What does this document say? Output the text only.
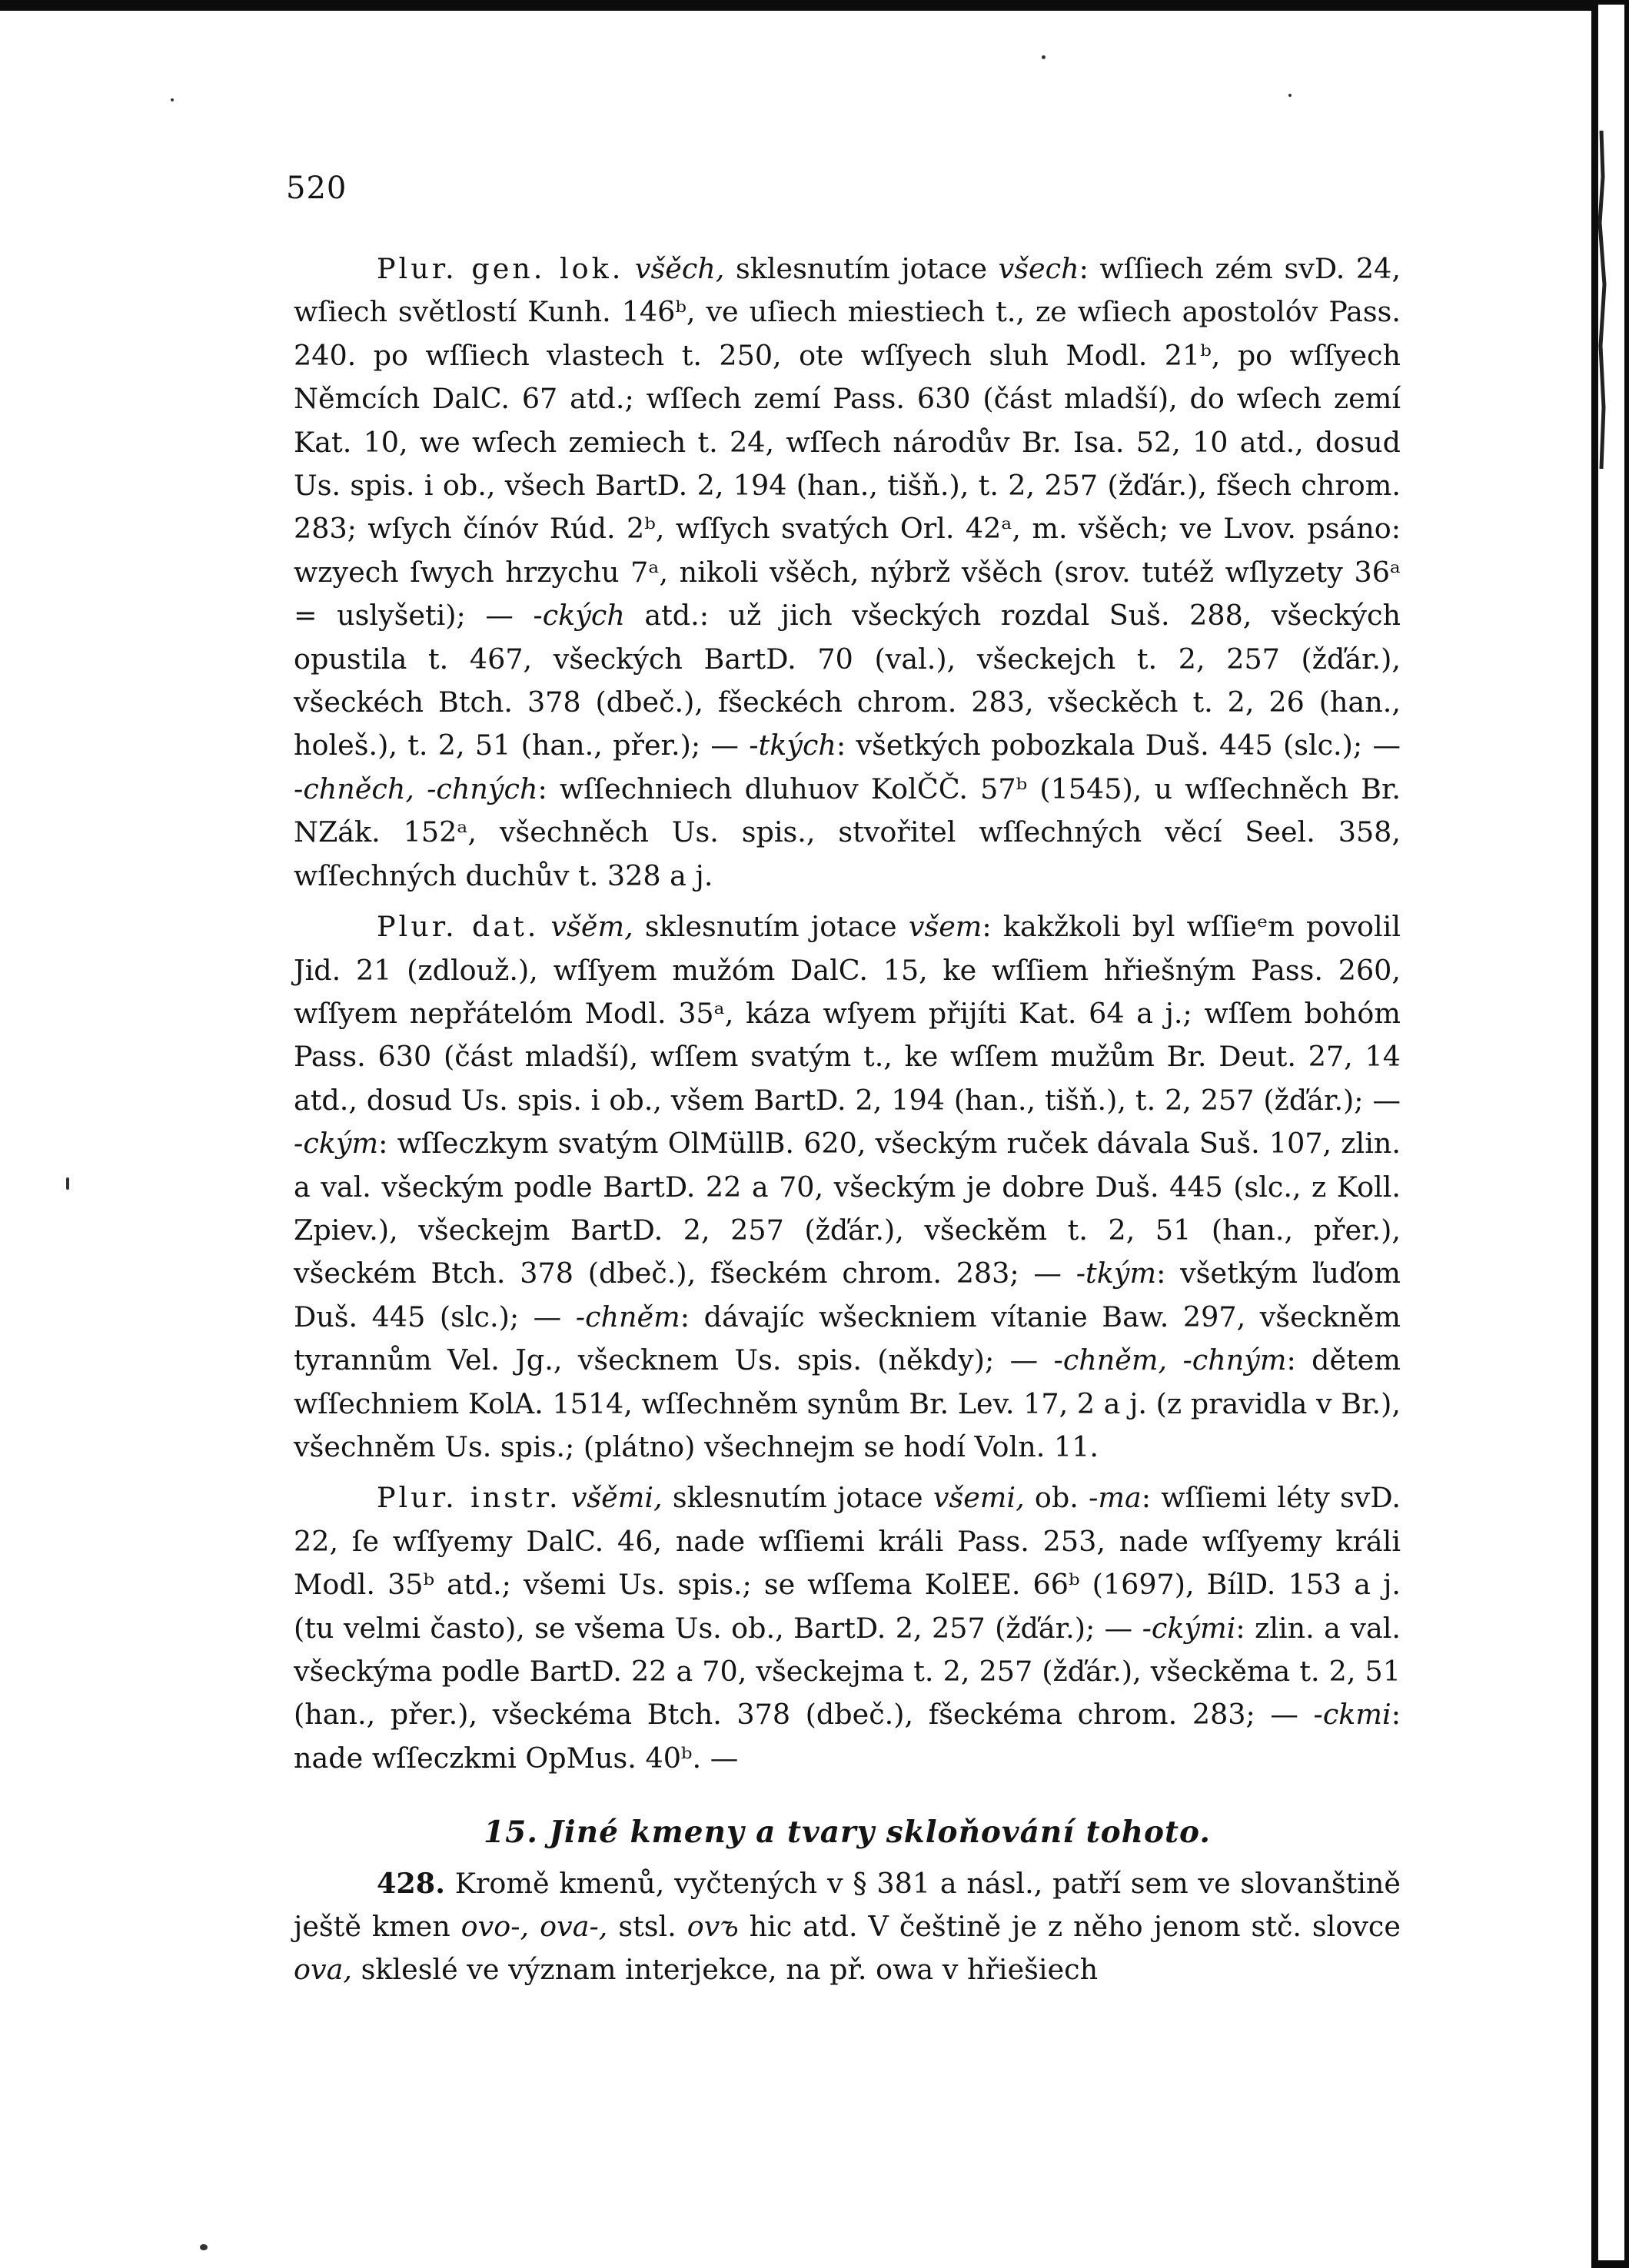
520

Plur. gen. lok. všěch, sklesnutím jotace všech: wſſiech zém svD. 24, wſiech světlostí Kunh. 146ᵇ, ve uſiech miestiech t., ze wſiech apostolóv Pass. 240. po wſſiech vlastech t. 250, ote wſſyech sluh Modl. 21ᵇ, po wſſyech Němcích DalC. 67 atd.; wſſech zemí Pass. 630 (část mladší), do wſech zemí Kat. 10, we wſech zemiech t. 24, wſſech národův Br. Isa. 52, 10 atd., dosud Us. spis. i ob., všech BartD. 2, 194 (han., tišň.), t. 2, 257 (žďár.), fšech chrom. 283; wſych čínóv Rúd. 2ᵇ, wſſych svatých Orl. 42ᵃ, m. všěch; ve Lvov. psáno: wzyech ſwych hrzychu 7ᵃ, nikoli všěch, nýbrž všěch (srov. tutéž wſlyzety 36ᵃ = uslyšeti); — -ckých atd.: už jich všeckých rozdal Suš. 288, všeckých opustila t. 467, všeckých BartD. 70 (val.), všeckejch t. 2, 257 (žďár.), všeckéch Btch. 378 (dbeč.), fšeckéch chrom. 283, všeckěch t. 2, 26 (han., holeš.), t. 2, 51 (han., přer.); — -tkých: všetkých pobozkala Duš. 445 (slc.); — -chněch, -chných: wſſechniech dluhuov KolČČ. 57ᵇ (1545), u wſſechněch Br. NZák. 152ᵃ, všechněch Us. spis., stvořitel wſſechných věcí Seel. 358, wſſechných duchův t. 328 a j.

Plur. dat. všěm, sklesnutím jotace všem: kakžkoli byl wſſieᵉm povolil Jid. 21 (zdlouž.), wſſyem mužóm DalC. 15, ke wſſiem hřiešným Pass. 260, wſſyem nepřátelóm Modl. 35ᵃ, káza wſyem přijíti Kat. 64 a j.; wſſem bohóm Pass. 630 (část mladší), wſſem svatým t., ke wſſem mužům Br. Deut. 27, 14 atd., dosud Us. spis. i ob., všem BartD. 2, 194 (han., tišň.), t. 2, 257 (žďár.); — -ckým: wſſeczkym svatým OlMüllB. 620, všeckým ruček dávala Suš. 107, zlin. a val. všeckým podle BartD. 22 a 70, všeckým je dobre Duš. 445 (slc., z Koll. Zpiev.), všeckejm BartD. 2, 257 (žďár.), všeckěm t. 2, 51 (han., přer.), všeckém Btch. 378 (dbeč.), fšeckém chrom. 283; — -tkým: všetkým ľuďom Duš. 445 (slc.); — -chněm: dávajíc wšeckniem vítanie Baw. 297, všeckněm tyrannům Vel. Jg., všecknem Us. spis. (někdy); — -chněm, -chným: dětem wſſechniem KolA. 1514, wſſechněm synům Br. Lev. 17, 2 a j. (z pravidla v Br.), všechněm Us. spis.; (plátno) všechnejm se hodí Voln. 11.

Plur. instr. všěmi, sklesnutím jotace všemi, ob. -ma: wſſiemi léty svD. 22, ſe wſſyemy DalC. 46, nade wſſiemi králi Pass. 253, nade wſſyemy králi Modl. 35ᵇ atd.; všemi Us. spis.; se wſſema KolEE. 66ᵇ (1697), BílD. 153 a j. (tu velmi často), se všema Us. ob., BartD. 2, 257 (žďár.); — -ckými: zlin. a val. všeckýma podle BartD. 22 a 70, všeckejma t. 2, 257 (žďár.), všeckěma t. 2, 51 (han., přer.), všeckéma Btch. 378 (dbeč.), fšeckéma chrom. 283; — -ckmi: nade wſſeczkmi OpMus. 40ᵇ. —

15. Jiné kmeny a tvary skloňování tohoto.

428. Kromě kmenů, vyčtených v § 381 a násl., patří sem ve slovanštině ještě kmen ovo-, ova-, stsl. ovъ hic atd. V češtině je z něho jenom stč. slovce ova, skleslé ve význam interjekce, na př. owa v hřiešiech
